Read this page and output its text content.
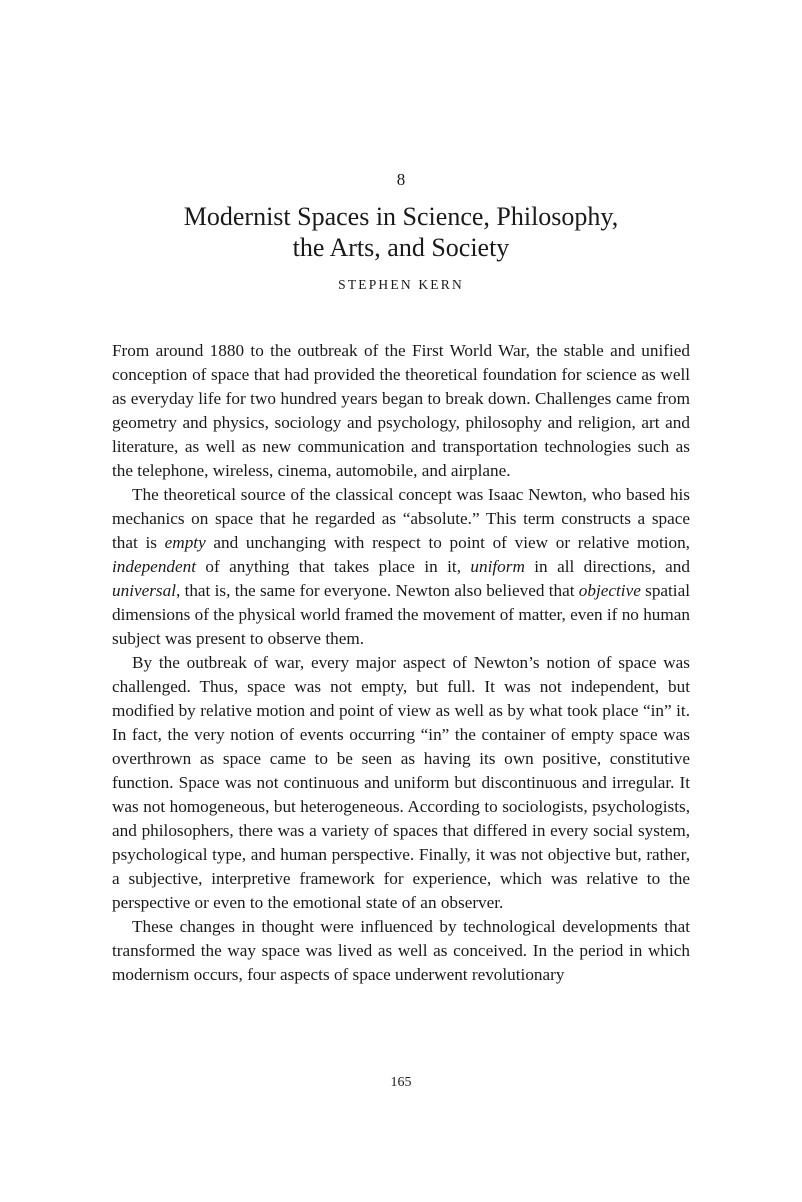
8
Modernist Spaces in Science, Philosophy,
the Arts, and Society
STEPHEN KERN

From around 1880 to the outbreak of the First World War, the stable and unified conception of space that had provided the theoretical foundation for science as well as everyday life for two hundred years began to break down. Challenges came from geometry and physics, sociology and psychology, philosophy and religion, art and literature, as well as new communication and transportation technologies such as the telephone, wireless, cinema, automobile, and airplane.

The theoretical source of the classical concept was Isaac Newton, who based his mechanics on space that he regarded as “absolute.” This term constructs a space that is empty and unchanging with respect to point of view or relative motion, independent of anything that takes place in it, uniform in all directions, and universal, that is, the same for everyone. Newton also believed that objective spatial dimensions of the physical world framed the movement of matter, even if no human subject was present to observe them.

By the outbreak of war, every major aspect of Newton’s notion of space was challenged. Thus, space was not empty, but full. It was not independent, but modified by relative motion and point of view as well as by what took place “in” it. In fact, the very notion of events occurring “in” the container of empty space was overthrown as space came to be seen as having its own positive, constitutive function. Space was not continuous and uniform but discontinuous and irregular. It was not homogeneous, but heterogeneous. According to sociologists, psychologists, and philosophers, there was a variety of spaces that differed in every social system, psychological type, and human perspective. Finally, it was not objective but, rather, a subjective, interpretive framework for experience, which was relative to the perspective or even to the emotional state of an observer.

These changes in thought were influenced by technological developments that transformed the way space was lived as well as conceived. In the period in which modernism occurs, four aspects of space underwent revolutionary

165
